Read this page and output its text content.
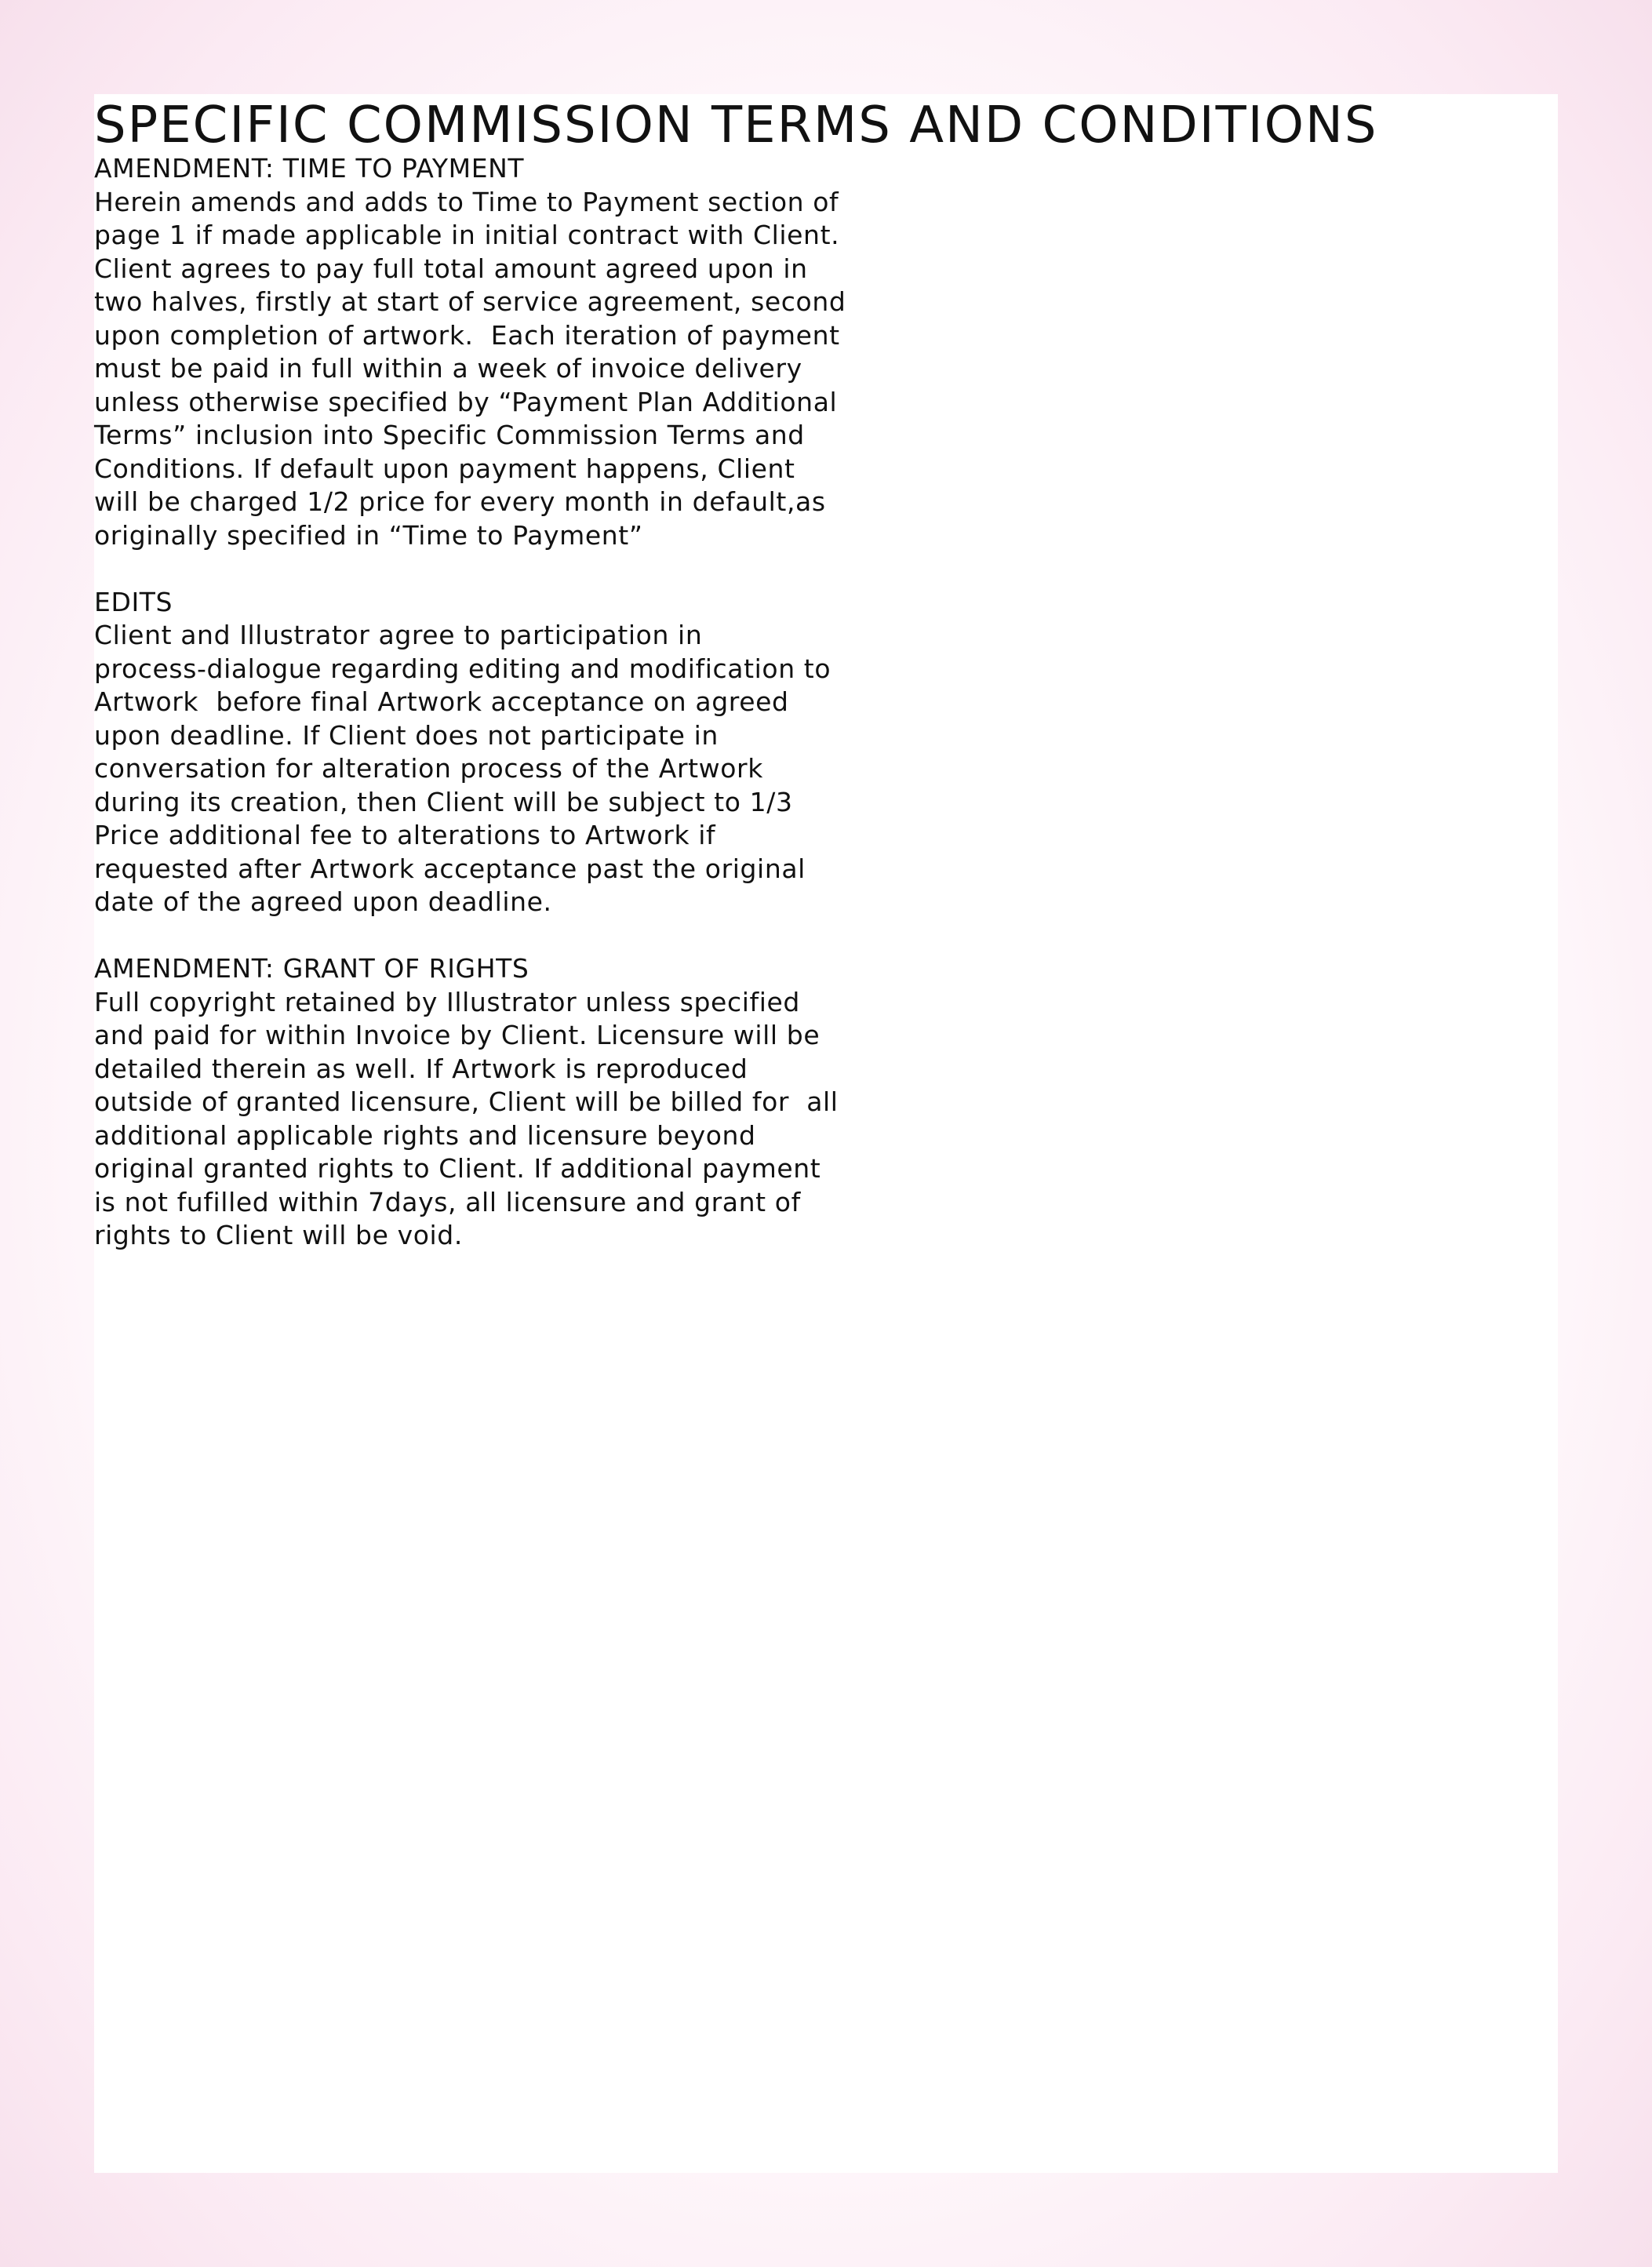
SPECIFIC COMMISSION TERMS AND CONDITIONS
AMENDMENT: TIME TO PAYMENT
Herein amends and adds to Time to Payment section of
page 1 if made applicable in initial contract with Client.
Client agrees to pay full total amount agreed upon in
two halves, firstly at start of service agreement, second
upon completion of artwork.  Each iteration of payment
must be paid in full within a week of invoice delivery
unless otherwise specified by “Payment Plan Additional
Terms” inclusion into Specific Commission Terms and
Conditions. If default upon payment happens, Client
will be charged 1/2 price for every month in default,as
originally specified in “Time to Payment”
EDITS
Client and Illustrator agree to participation in
process-dialogue regarding editing and modification to
Artwork  before final Artwork acceptance on agreed
upon deadline. If Client does not participate in
conversation for alteration process of the Artwork
during its creation, then Client will be subject to 1/3
Price additional fee to alterations to Artwork if
requested after Artwork acceptance past the original
date of the agreed upon deadline.
AMENDMENT: GRANT OF RIGHTS
Full copyright retained by Illustrator unless specified
and paid for within Invoice by Client. Licensure will be
detailed therein as well. If Artwork is reproduced
outside of granted licensure, Client will be billed for  all
additional applicable rights and licensure beyond
original granted rights to Client. If additional payment
is not fufilled within 7days, all licensure and grant of
rights to Client will be void.
